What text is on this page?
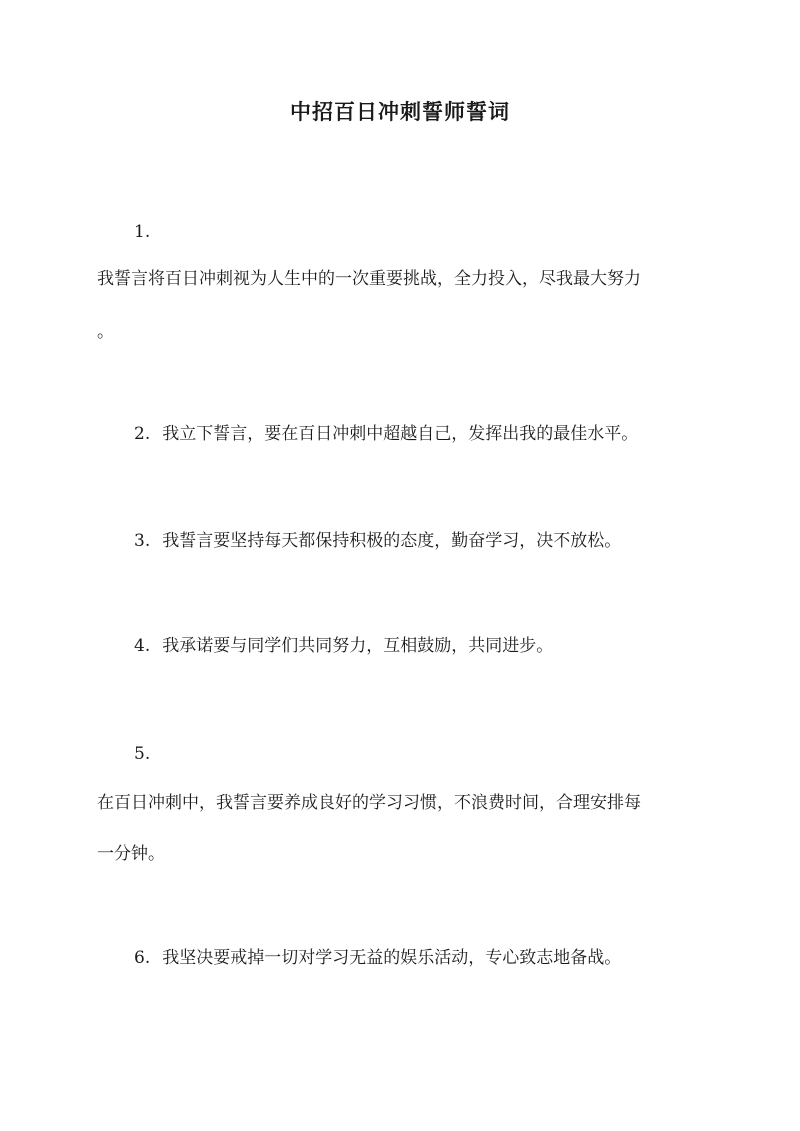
中招百日冲刺誓师誓词
1.
我誓言将百日冲刺视为人生中的一次重要挑战，全力投入，尽我最大努力
。
2. 我立下誓言，要在百日冲刺中超越自己，发挥出我的最佳水平。
3. 我誓言要坚持每天都保持积极的态度，勤奋学习，决不放松。
4. 我承诺要与同学们共同努力，互相鼓励，共同进步。
5.
在百日冲刺中，我誓言要养成良好的学习习惯，不浪费时间，合理安排每
一分钟。
6. 我坚决要戒掉一切对学习无益的娱乐活动，专心致志地备战。
